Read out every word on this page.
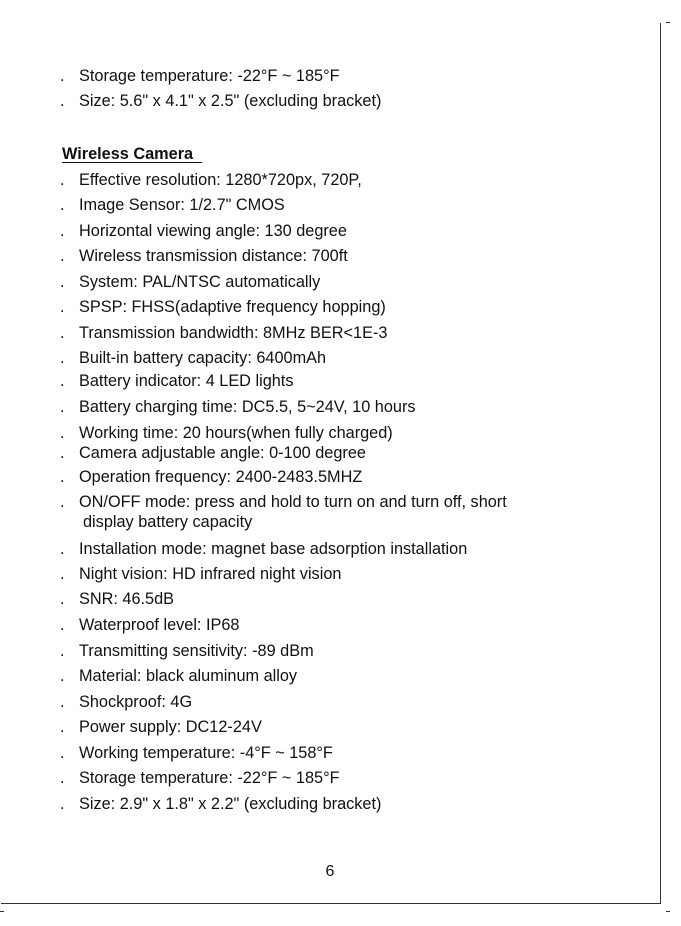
. Storage temperature: -22°F ~ 185°F
. Size: 5.6" x 4.1" x 2.5" (excluding bracket)
Wireless Camera
. Effective resolution: 1280*720px, 720P,
. Image Sensor: 1/2.7" CMOS
. Horizontal viewing angle: 130 degree
. Wireless transmission distance: 700ft
. System: PAL/NTSC automatically
. SPSP: FHSS(adaptive frequency hopping)
. Transmission bandwidth: 8MHz BER<1E-3
. Built-in battery capacity: 6400mAh
. Battery indicator: 4 LED lights
. Battery charging time: DC5.5, 5~24V, 10 hours
. Working time: 20 hours(when fully charged)
. Camera adjustable angle: 0-100 degree
. Operation frequency: 2400-2483.5MHZ
. ON/OFF mode: press and hold to turn on and turn off, short
display battery capacity
. Installation mode: magnet base adsorption installation
. Night vision: HD infrared night vision
. SNR: 46.5dB
. Waterproof level: IP68
. Transmitting sensitivity: -89 dBm
. Material: black aluminum alloy
. Shockproof: 4G
. Power supply: DC12-24V
. Working temperature: -4°F ~ 158°F
. Storage temperature: -22°F ~ 185°F
. Size: 2.9" x 1.8" x 2.2" (excluding bracket)
6
